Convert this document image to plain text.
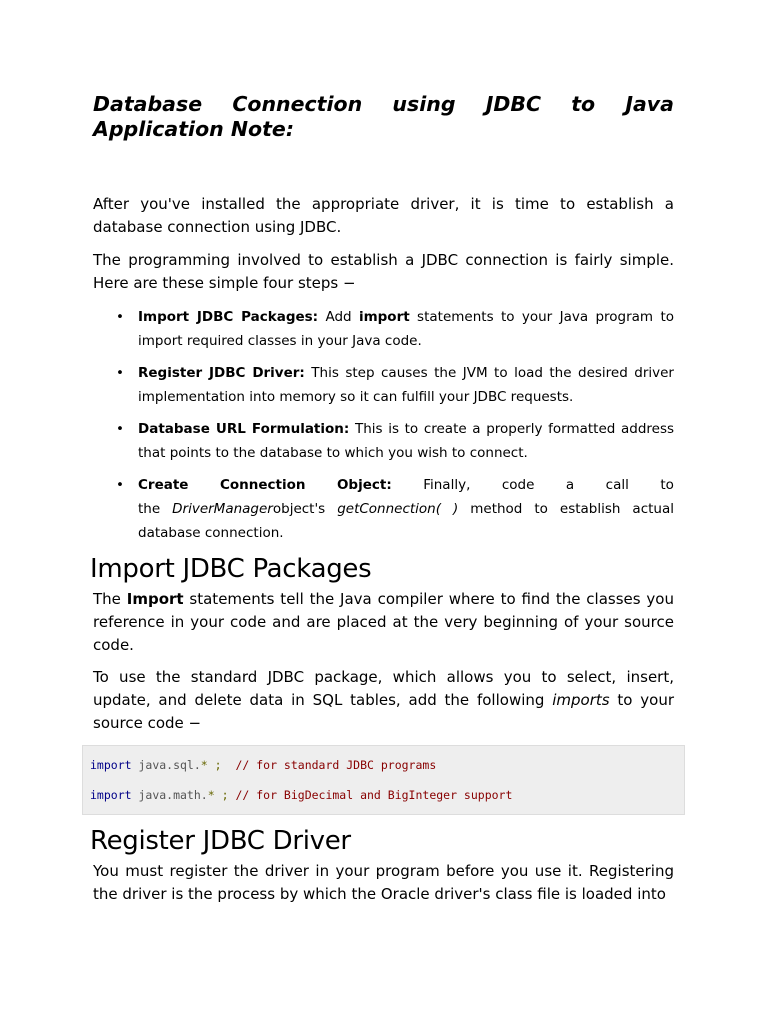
Database Connection using JDBC to Java
Application Note:

After you've installed the appropriate driver, it is time to establish a database connection using JDBC.

The programming involved to establish a JDBC connection is fairly simple. Here are these simple four steps −

• Import JDBC Packages: Add import statements to your Java program to import required classes in your Java code.
• Register JDBC Driver: This step causes the JVM to load the desired driver implementation into memory so it can fulfill your JDBC requests.
• Database URL Formulation: This is to create a properly formatted address that points to the database to which you wish to connect.
• Create Connection Object: Finally, code a call to
the DriverManagerobject's getConnection( ) method to establish actual database connection.
Import JDBC Packages

The Import statements tell the Java compiler where to find the classes you reference in your code and are placed at the very beginning of your source code.

To use the standard JDBC package, which allows you to select, insert, update, and delete data in SQL tables, add the following imports to your source code −

import java.sql.* ; // for standard JDBC programs
import java.math.* ; // for BigDecimal and BigInteger support
Register JDBC Driver

You must register the driver in your program before you use it. Registering the driver is the process by which the Oracle driver's class file is loaded into
